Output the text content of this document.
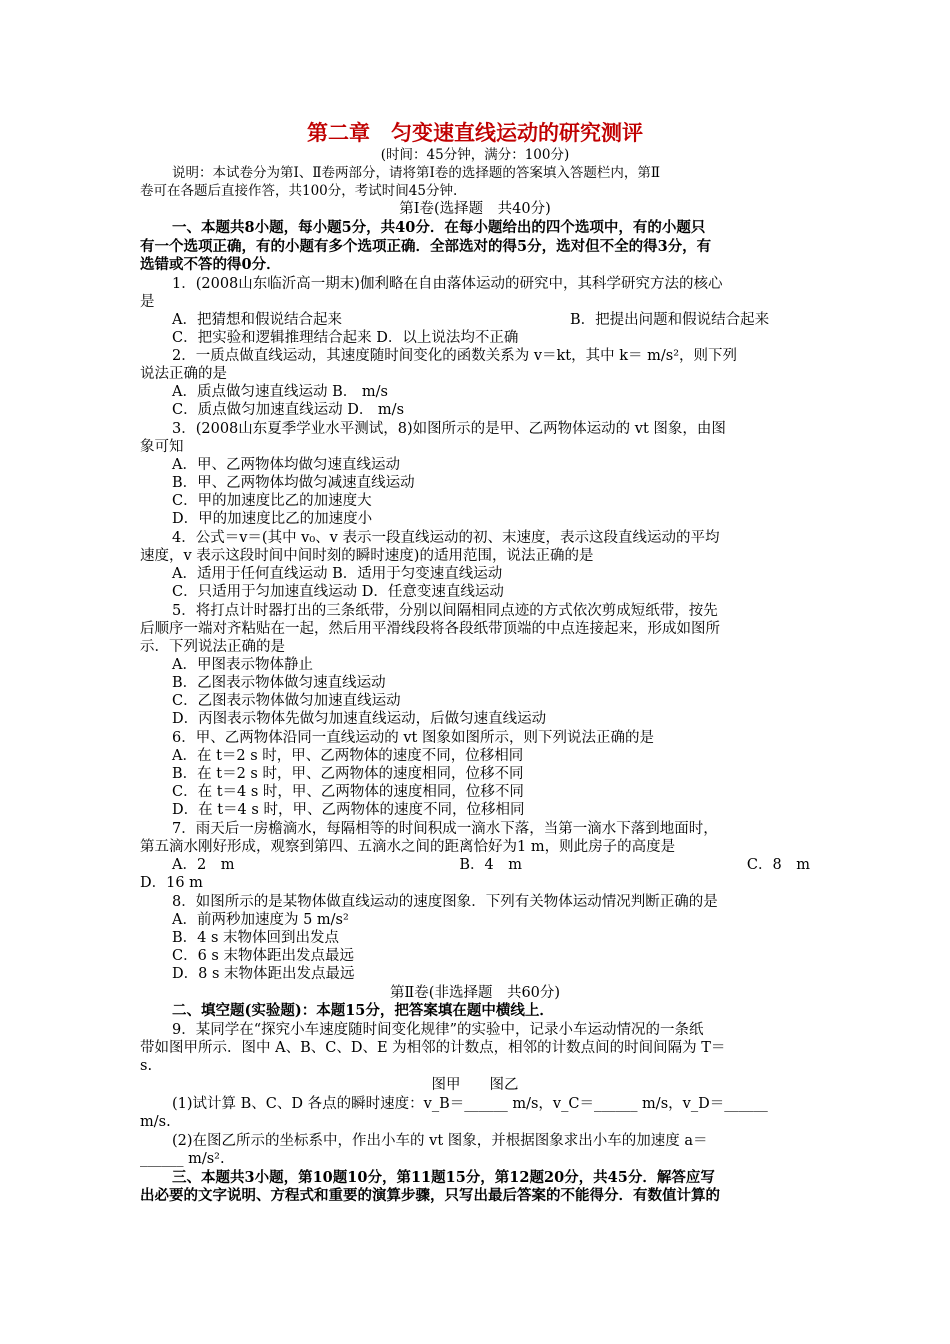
第二章　匀变速直线运动的研究测评
(时间：45分钟，满分：100分)
说明：本试卷分为第Ⅰ、Ⅱ卷两部分，请将第Ⅰ卷的选择题的答案填入答题栏内，第Ⅱ
卷可在各题后直接作答，共100分，考试时间45分钟.
第Ⅰ卷(选择题　共40分)
一、本题共8小题，每小题5分，共40分．在每小题给出的四个选项中，有的小题只
有一个选项正确，有的小题有多个选项正确．全部选对的得5分，选对但不全的得3分，有
选错或不答的得0分．
1．(2008山东临沂高一期末)伽利略在自由落体运动的研究中，其科学研究方法的核心
是
A．把猜想和假说结合起来	B．把提出问题和假说结合起来
C．把实验和逻辑推理结合起来 D．以上说法均不正确
2．一质点做直线运动，其速度随时间变化的函数关系为 v＝kt，其中 k＝ m/s²，则下列
说法正确的是
A．质点做匀速直线运动 B． m/s
C．质点做匀加速直线运动 D． m/s
3．(2008山东夏季学业水平测试，8)如图所示的是甲、乙两物体运动的 vt 图象，由图
象可知
A．甲、乙两物体均做匀速直线运动
B．甲、乙两物体均做匀减速直线运动
C．甲的加速度比乙的加速度大
D．甲的加速度比乙的加速度小
4．公式＝v＝(其中 v₀、v 表示一段直线运动的初、末速度，表示这段直线运动的平均
速度，v 表示这段时间中间时刻的瞬时速度)的适用范围，说法正确的是
A．适用于任何直线运动 B．适用于匀变速直线运动
C．只适用于匀加速直线运动 D．任意变速直线运动
5．将打点计时器打出的三条纸带，分别以间隔相同点迹的方式依次剪成短纸带，按先
后顺序一端对齐粘贴在一起，然后用平滑线段将各段纸带顶端的中点连接起来，形成如图所
示．下列说法正确的是
A．甲图表示物体静止
B．乙图表示物体做匀速直线运动
C．乙图表示物体做匀加速直线运动
D．丙图表示物体先做匀加速直线运动，后做匀速直线运动
6．甲、乙两物体沿同一直线运动的 vt 图象如图所示，则下列说法正确的是
A．在 t＝2 s 时，甲、乙两物体的速度不同，位移相同
B．在 t＝2 s 时，甲、乙两物体的速度相同，位移不同
C．在 t＝4 s 时，甲、乙两物体的速度相同，位移不同
D．在 t＝4 s 时，甲、乙两物体的速度不同，位移相同
7．雨天后一房檐滴水，每隔相等的时间积成一滴水下落，当第一滴水下落到地面时，
第五滴水刚好形成，观察到第四、五滴水之间的距离恰好为1 m，则此房子的高度是
A．2　m	B．4　m	C．8　m
D．16 m
8．如图所示的是某物体做直线运动的速度图象．下列有关物体运动情况判断正确的是
A．前两秒加速度为 5 m/s²
B．4 s 末物体回到出发点
C．6 s 末物体距出发点最远
D．8 s 末物体距出发点最远
第Ⅱ卷(非选择题　共60分)
二、填空题(实验题)：本题15分，把答案填在题中横线上．
9．某同学在“探究小车速度随时间变化规律”的实验中，记录小车运动情况的一条纸
带如图甲所示．图中 A、B、C、D、E 为相邻的计数点，相邻的计数点间的时间间隔为 T＝
s.
图甲　　图乙
(1)试计算 B、C、D 各点的瞬时速度：v_B＝______ m/s，v_C＝______ m/s，v_D＝______
m/s.
(2)在图乙所示的坐标系中，作出小车的 vt 图象，并根据图象求出小车的加速度 a＝
______ m/s².
三、本题共3小题，第10题10分，第11题15分，第12题20分，共45分．解答应写
出必要的文字说明、方程式和重要的演算步骤，只写出最后答案的不能得分．有数值计算的
